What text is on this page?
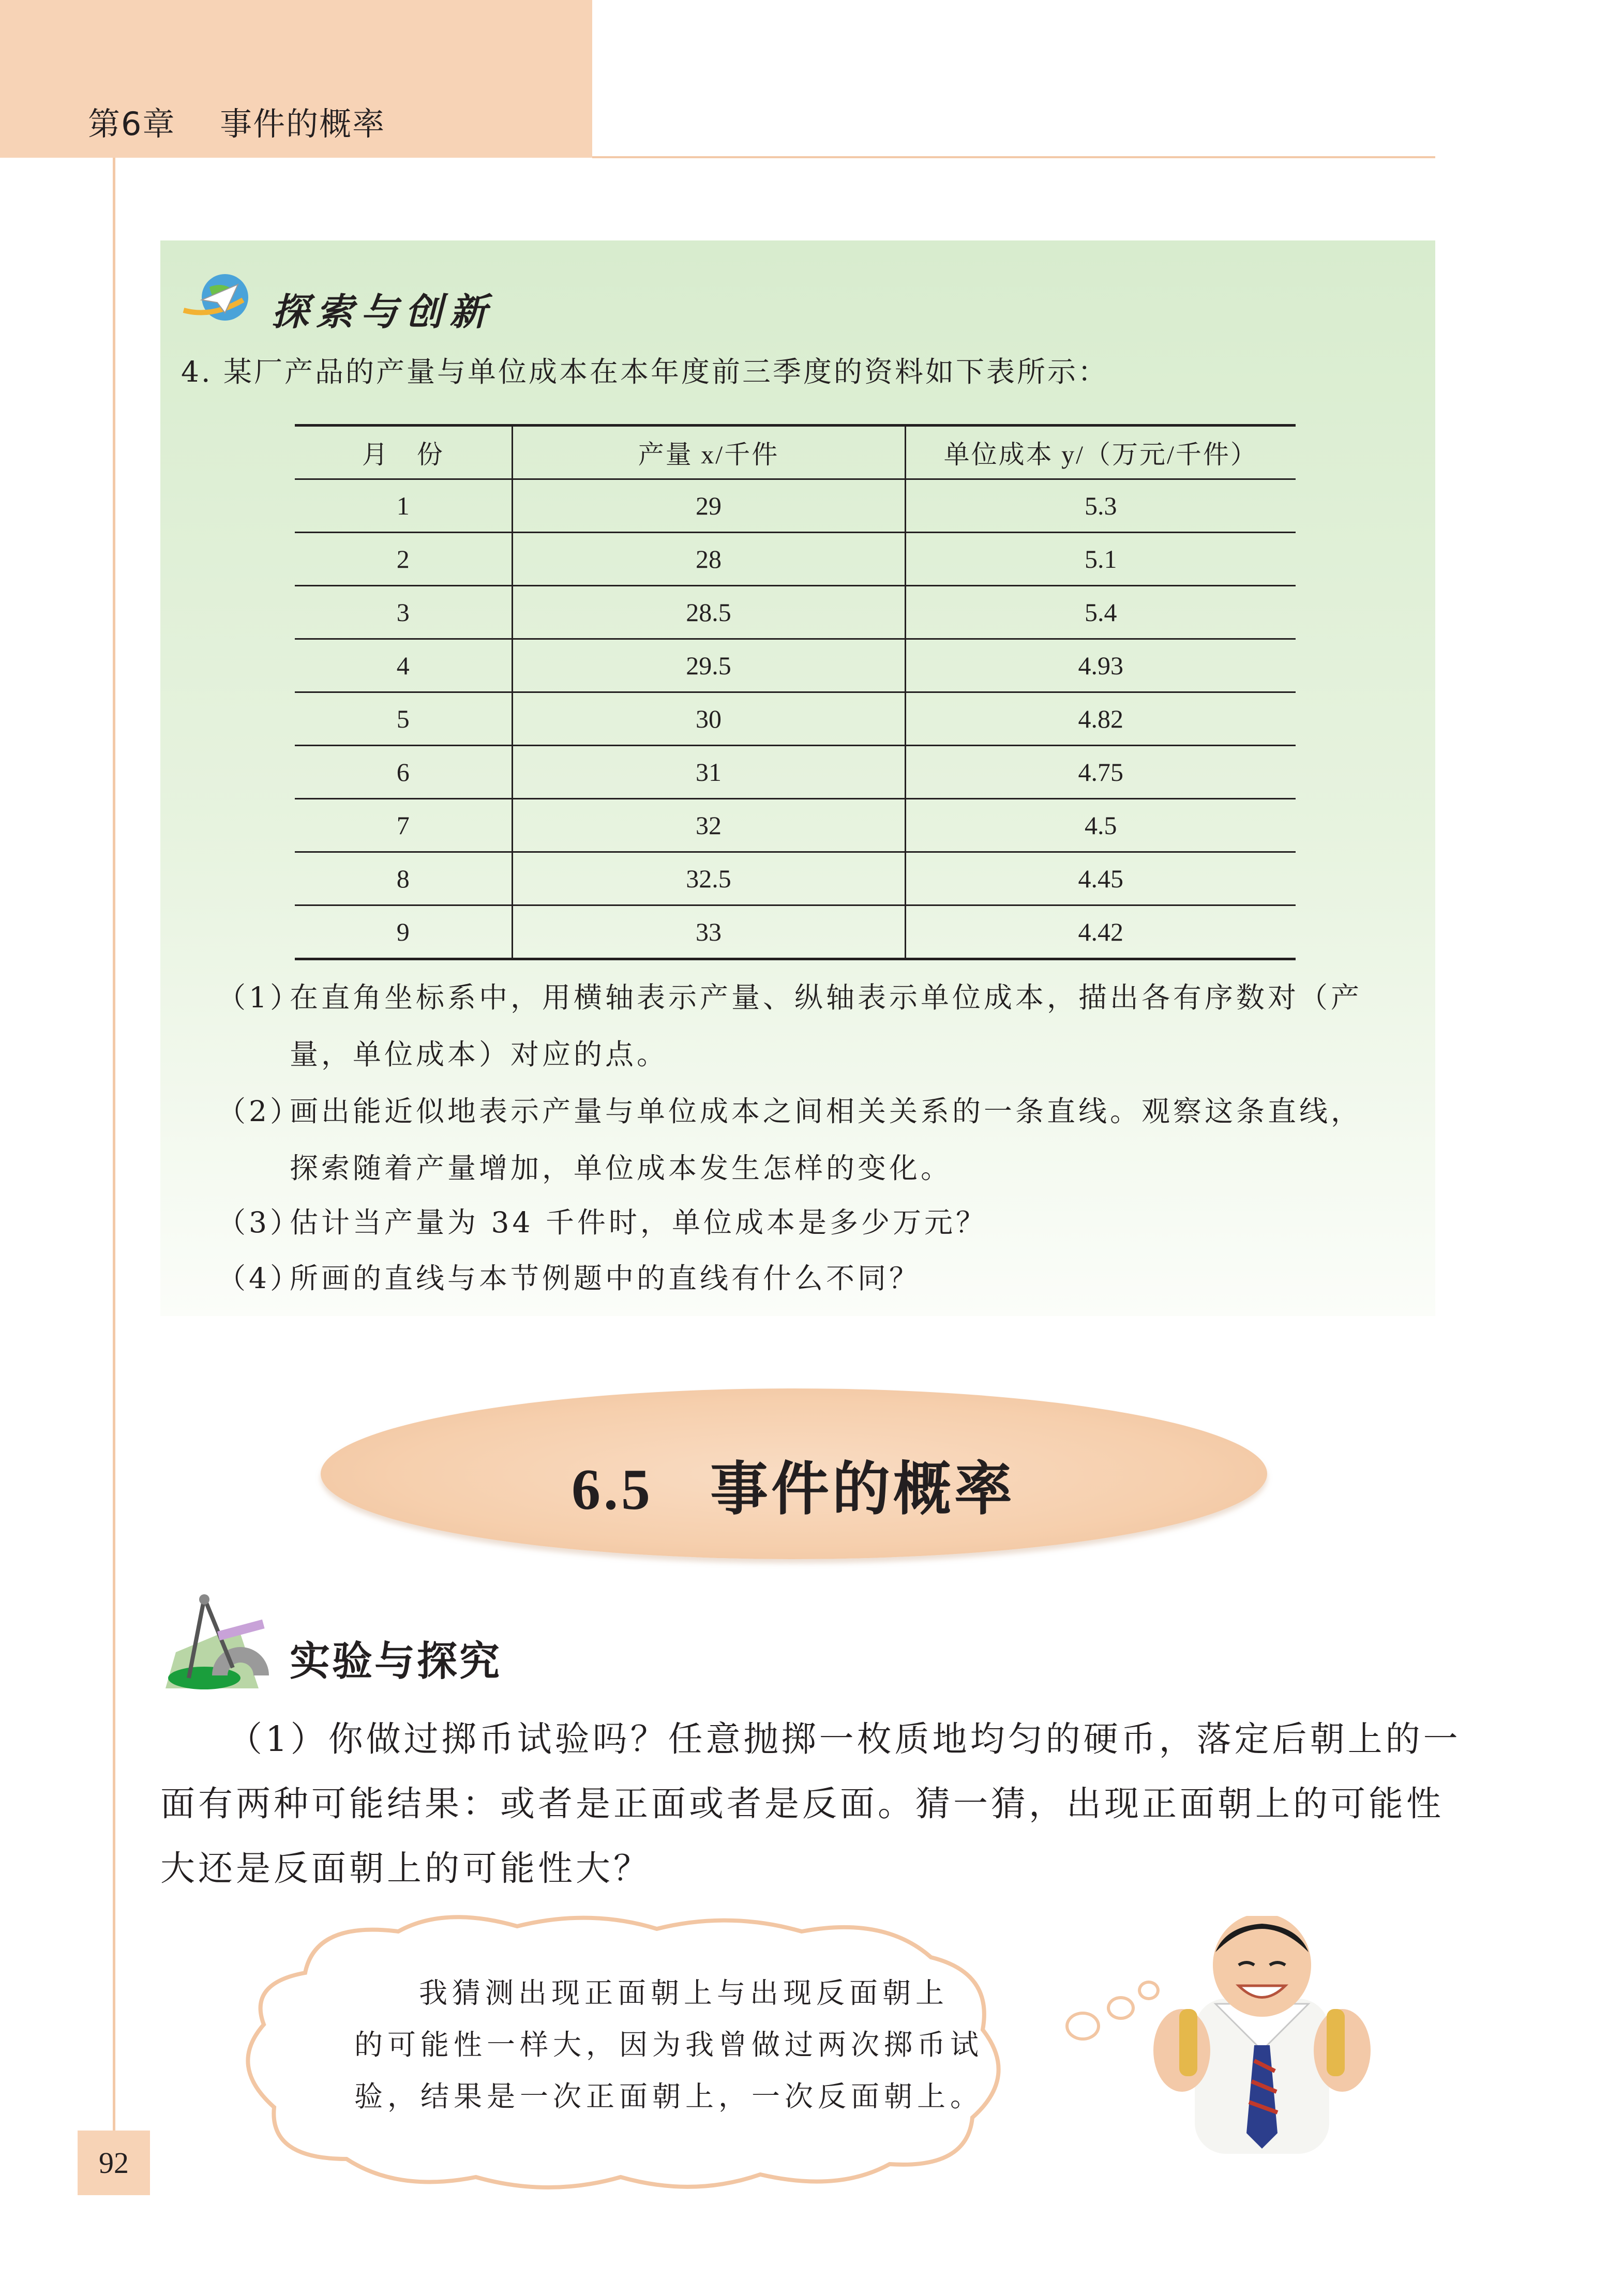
第6章　 事件的概率
探索与创新
4. 某厂产品的产量与单位成本在本年度前三季度的资料如下表所示：
月　份	产量 x/千件	单位成本 y/（万元/千件）
1	29	5.3
2	28	5.1
3	28.5	5.4
4	29.5	4.93
5	30	4.82
6	31	4.75
7	32	4.5
8	32.5	4.45
9	33	4.42
（1）在直角坐标系中，用横轴表示产量、纵轴表示单位成本，描出各有序数对（产
量，单位成本）对应的点。
（2）画出能近似地表示产量与单位成本之间相关关系的一条直线。观察这条直线，
探索随着产量增加，单位成本发生怎样的变化。
（3）估计当产量为 34 千件时，单位成本是多少万元？
（4）所画的直线与本节例题中的直线有什么不同？
6.5 事件的概率
实验与探究
（1）你做过掷币试验吗？任意抛掷一枚质地均匀的硬币，落定后朝上的一
面有两种可能结果：或者是正面或者是反面。猜一猜，出现正面朝上的可能性
大还是反面朝上的可能性大？
我猜测出现正面朝上与出现反面朝上
的可能性一样大，因为我曾做过两次掷币试
验，结果是一次正面朝上，一次反面朝上。
92
